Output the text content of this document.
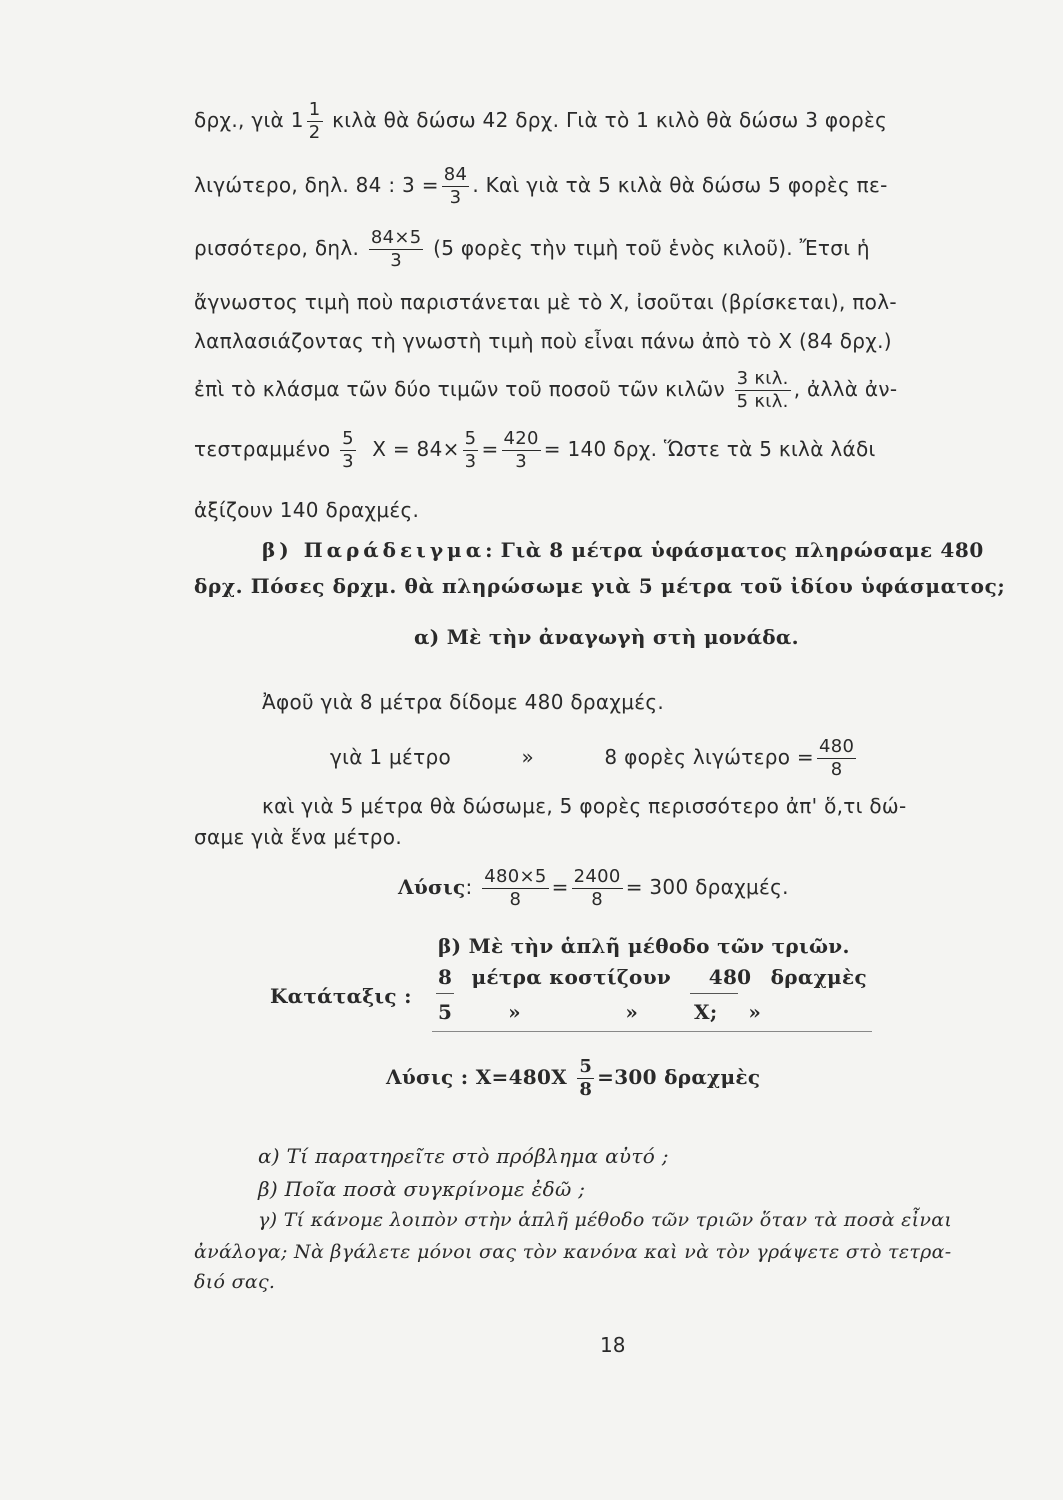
δρχ., γιὰ $1 \frac{1}{2}$ κιλὰ θὰ δώσω 42 δρχ. Γιὰ τὸ 1 κιλὸ θὰ δώσω 3 φορὲς
λιγώτερο, δηλ. 84 : $3 = \frac{84}{3}$ . Καὶ γιὰ τὰ 5 κιλὰ θὰ δώσω 5 φορὲς πε-
ρισσότερο, δηλ. $\frac{84\times 5}{3} (5$ φορὲς τὴν τιμὴ τοῦ ἑνὸς κιλοῦ). Ἔτσι ἡ
ἄγνωστος τιμὴ ποὺ παριστάνεται μὲ τὸ Χ, ἰσοῦται (βρίσκεται), πολ-
λαπλασιάζοντας τὴ γνωστὴ τιμὴ ποὺ εἶναι πάνω ἀπὸ τὸ Χ (84 δρχ.)
ἐπὶ τὸ κλάσμα τῶν δύο τιμῶν τοῦ ποσοῦ τῶν κιλῶν $\frac{\text{3 κιλ.}}{\text{5 κιλ.}}$ , ἀλλὰ ἀν-
τεστραμμένο $\frac{5}{3}$ $X = 84\times \frac{5}{3} = \frac{420}{3} = 140$ δρχ. Ὥστε τὰ 5 κιλὰ λάδι
ἀξίζουν 140 δραχμές.
β) Παράδειγμα: Γιὰ 8 μέτρα ὑφάσματος πληρώσαμε 480
δρχ. Πόσες δρχμ. θὰ πληρώσωμε γιὰ 5 μέτρα τοῦ ἰδίου ὑφάσματος;
α) Μὲ τὴν ἀναγωγὴ στὴ μονάδα.
Ἀφοῦ γιὰ 8 μέτρα δίδομε 480 δραχμές.
γιὰ 1 μέτρο	»	8 φορὲς $\lambda\iota\gamma ώ\tau\varepsilon\rho o = \frac{480}{8}$
καὶ γιὰ 5 μέτρα θὰ δώσωμε, 5 φορὲς περισσότερο ἀπ' ὅ,τι δώ-
σαμε γιὰ ἕνα μέτρο.
Λύσις: $\frac{480\times 5}{8} = \frac{2400}{8} = 300$ δραχμές.
β) Μὲ τὴν ἁπλῆ μέθοδο τῶν τριῶν.
Κατάταξις :
8 μέτρα κοστίζουν 480 δραχμὲς
5	»	»	Χ; »
Λύσις : $X=480X \frac{5}{8} =300$ δραχμὲς
α) Τί παρατηρεῖτε στὸ πρόβλημα αὐτό ;
β) Ποῖα ποσὰ συγκρίνομε ἐδῶ ;
γ) Τί κάνομε λοιπὸν στὴν ἁπλῆ μέθοδο τῶν τριῶν ὅταν τὰ ποσὰ εἶναι
ἀνάλογα; Νὰ βγάλετε μόνοι σας τὸν κανόνα καὶ νὰ τὸν γράψετε στὸ τετρα-
διό σας.
18
